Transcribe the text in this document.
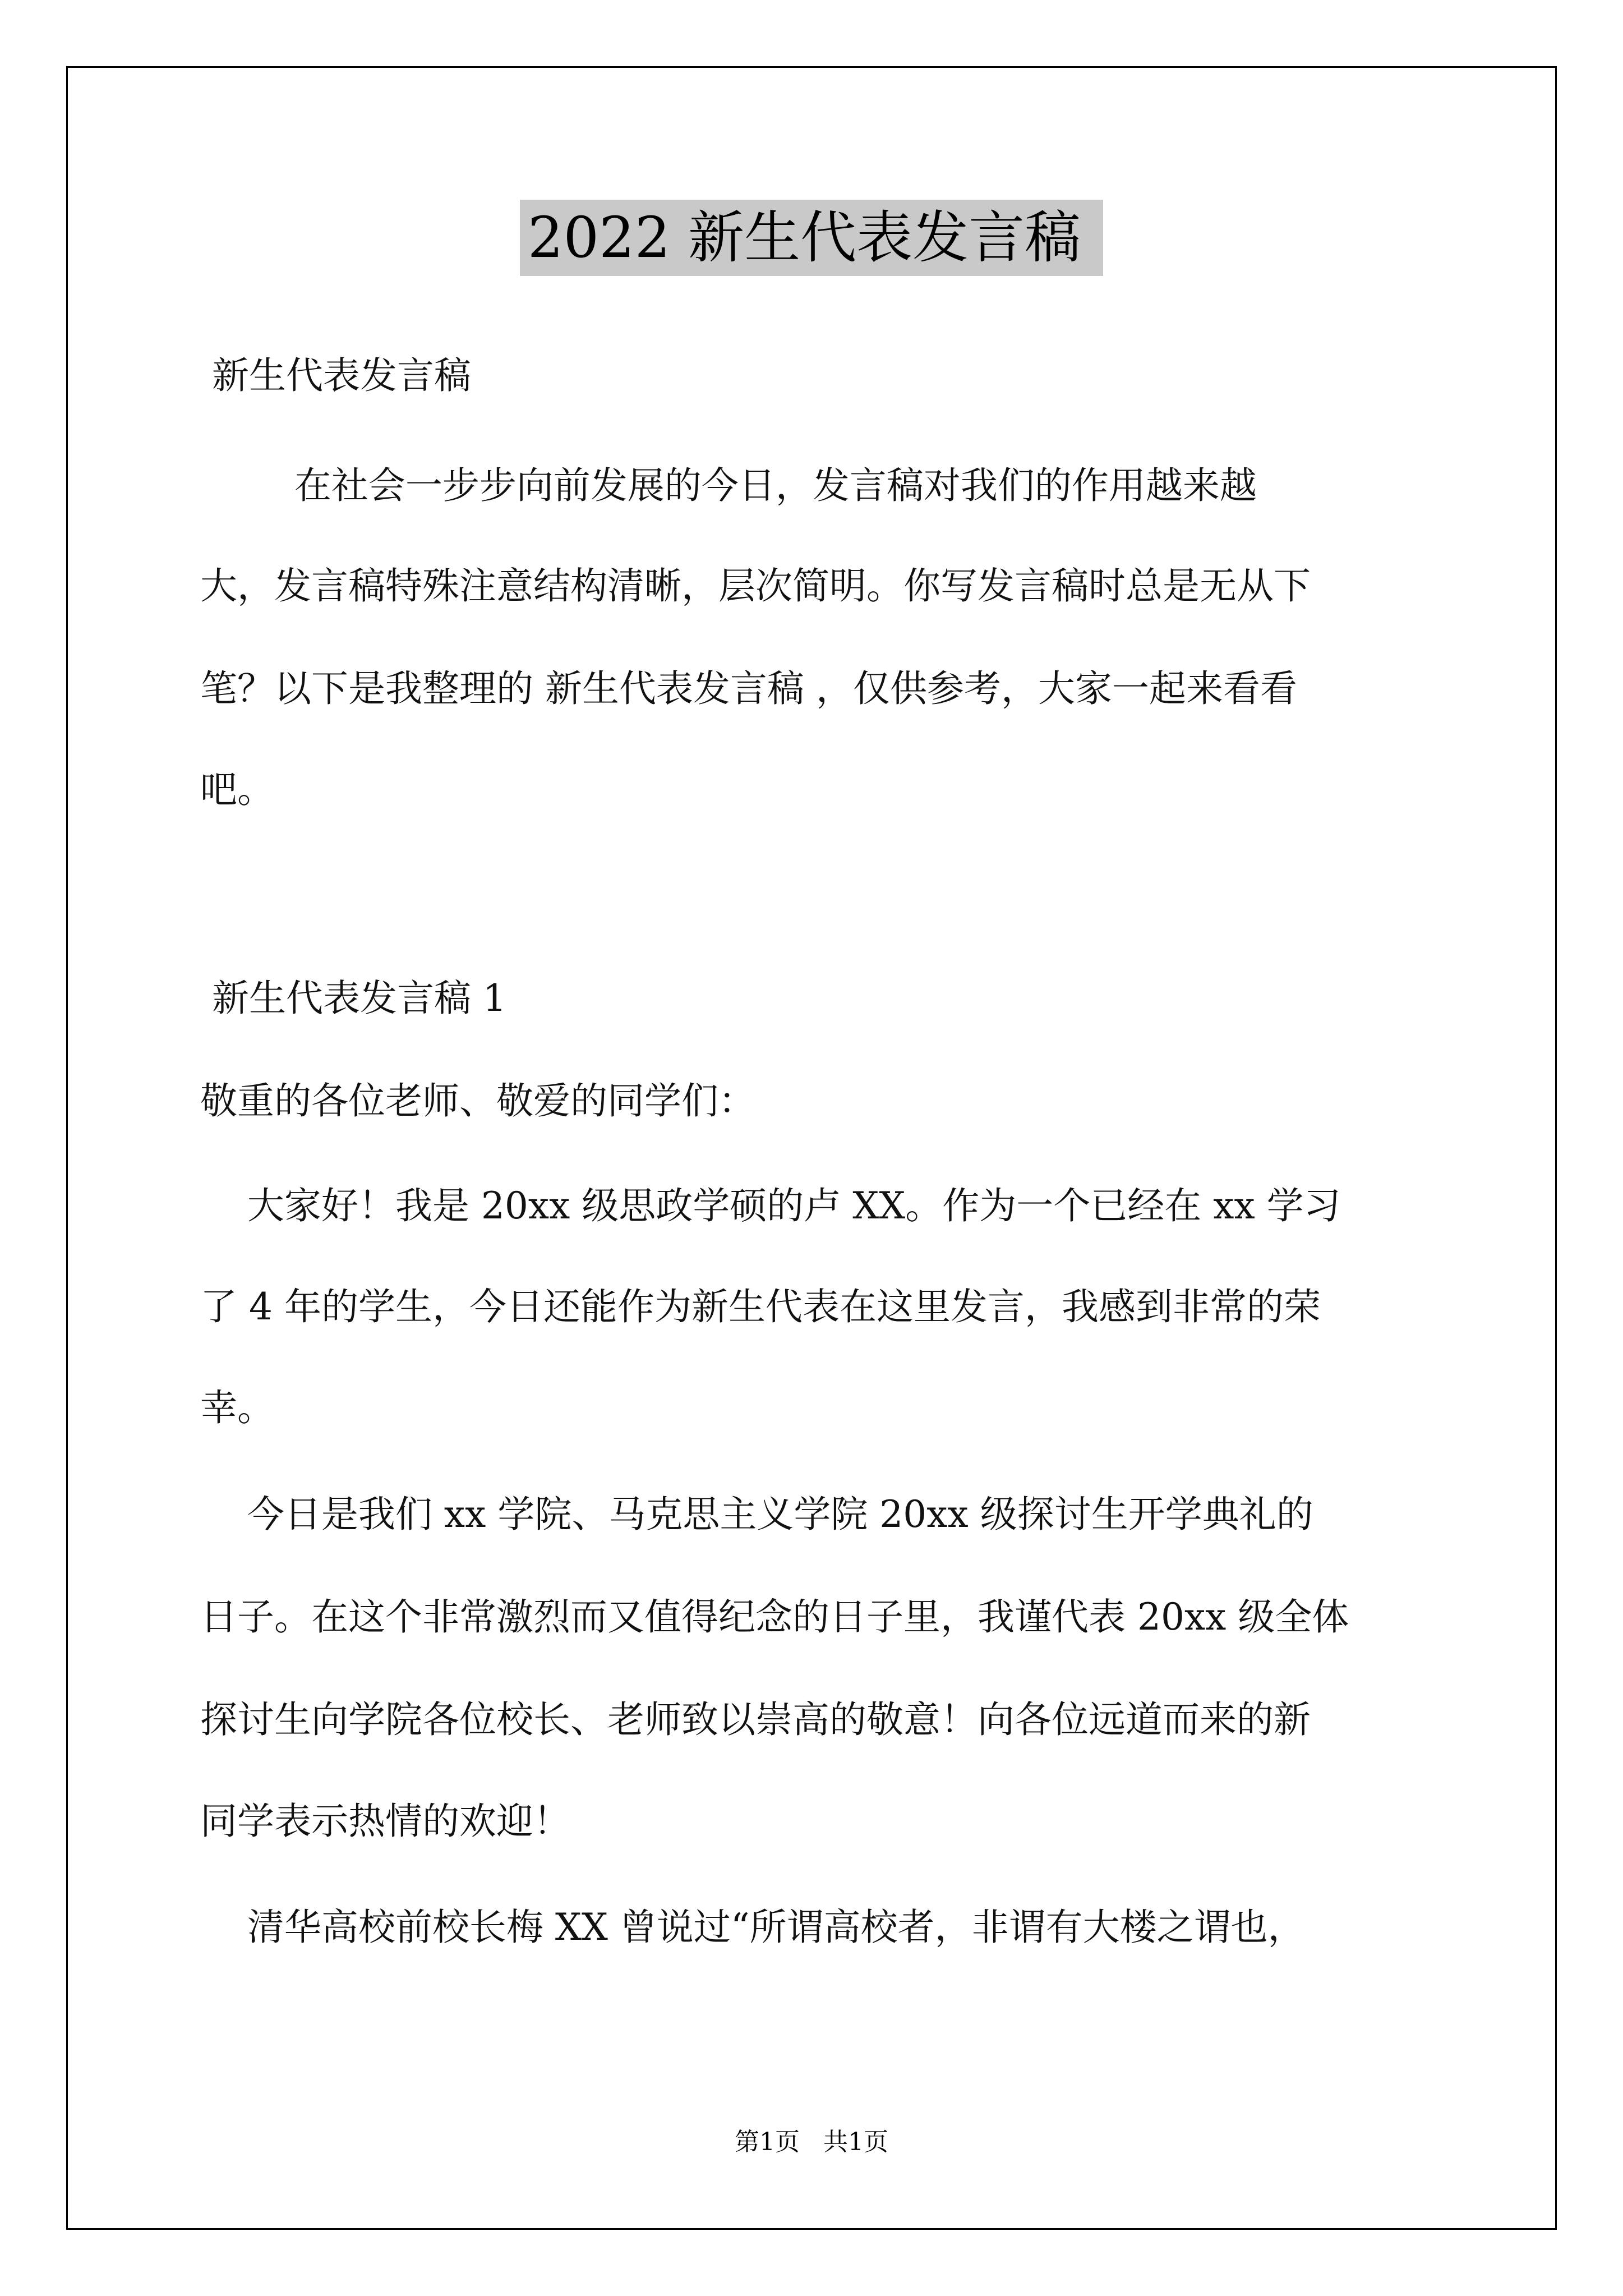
2022 新生代表发言稿
新生代表发言稿
在社会一步步向前发展的今日，发言稿对我们的作用越来越
大，发言稿特殊注意结构清晰，层次简明。你写发言稿时总是无从下
笔？以下是我整理的 新生代表发言稿 ，仅供参考，大家一起来看看
吧。
新生代表发言稿 1
敬重的各位老师、敬爱的同学们：
大家好！我是 20xx 级思政学硕的卢 XX。作为一个已经在 xx 学习
了 4 年的学生，今日还能作为新生代表在这里发言，我感到非常的荣
幸。
今日是我们 xx 学院、马克思主义学院 20xx 级探讨生开学典礼的
日子。在这个非常激烈而又值得纪念的日子里，我谨代表 20xx 级全体
探讨生向学院各位校长、老师致以崇高的敬意！向各位远道而来的新
同学表示热情的欢迎！
清华高校前校长梅 XX 曾说过“所谓高校者，非谓有大楼之谓也，
第1页   共1页
